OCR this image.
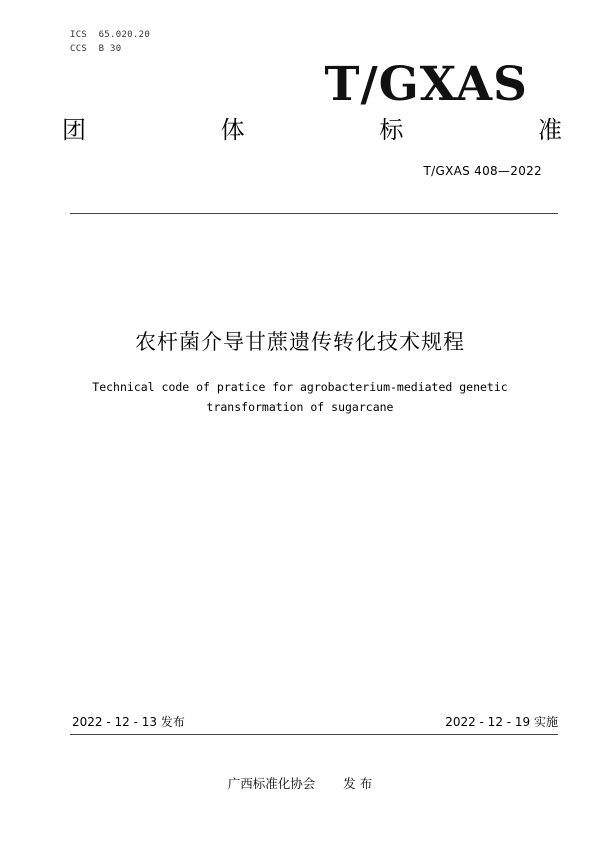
ICS  65.020.20
CCS  B 30
T/GXAS
团	体	标	准
T/GXAS 408—2022
农杆菌介导甘蔗遗传转化技术规程
Technical code of pratice for agrobacterium-mediated genetic
transformation of sugarcane
2022 - 12 - 13 发布	2022 - 12 - 19 实施
广西标准化协会 发 布
